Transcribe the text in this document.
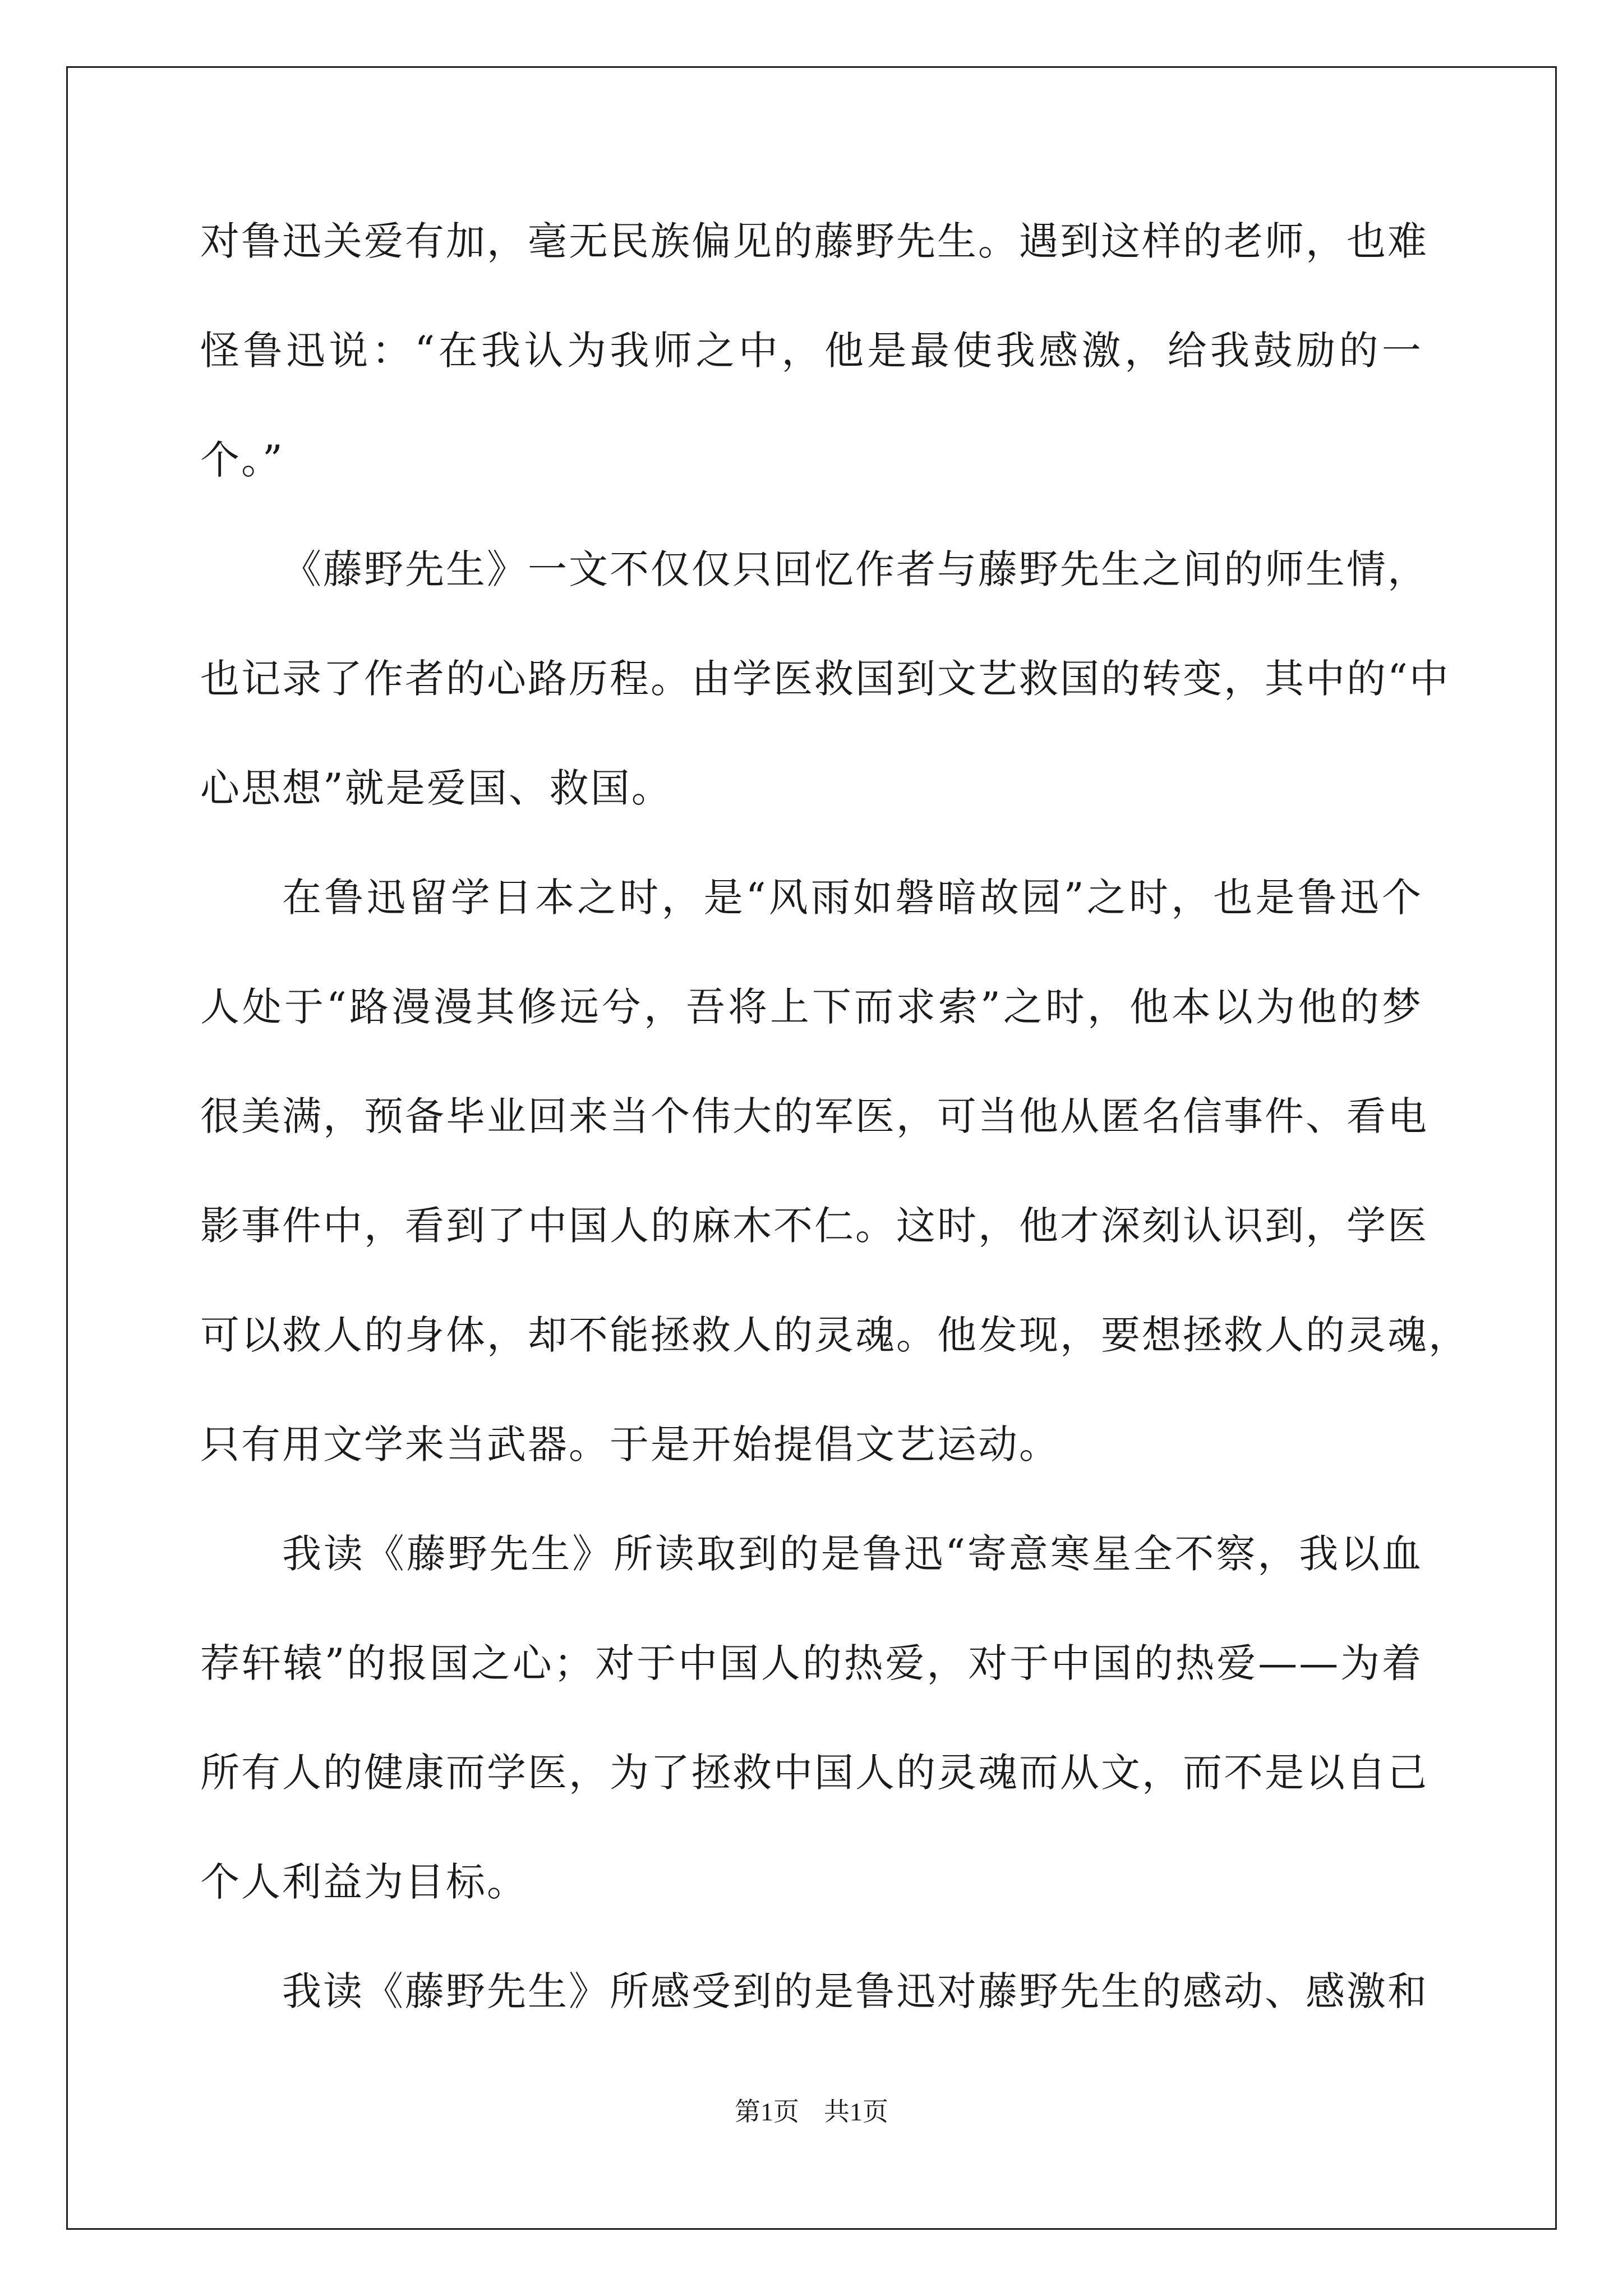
对鲁迅关爱有加，毫无民族偏见的藤野先生。遇到这样的老师，也难
怪鲁迅说：“在我认为我师之中，他是最使我感激，给我鼓励的一
个。”
《藤野先生》一文不仅仅只回忆作者与藤野先生之间的师生情，
也记录了作者的心路历程。由学医救国到文艺救国的转变，其中的“中
心思想”就是爱国、救国。
在鲁迅留学日本之时，是“风雨如磐暗故园”之时，也是鲁迅个
人处于“路漫漫其修远兮，吾将上下而求索”之时，他本以为他的梦
很美满，预备毕业回来当个伟大的军医，可当他从匿名信事件、看电
影事件中，看到了中国人的麻木不仁。这时，他才深刻认识到，学医
可以救人的身体，却不能拯救人的灵魂。他发现，要想拯救人的灵魂，
只有用文学来当武器。于是开始提倡文艺运动。
我读《藤野先生》所读取到的是鲁迅“寄意寒星全不察，我以血
荐轩辕”的报国之心；对于中国人的热爱，对于中国的热爱——为着
所有人的健康而学医，为了拯救中国人的灵魂而从文，而不是以自己
个人利益为目标。
我读《藤野先生》所感受到的是鲁迅对藤野先生的感动、感激和
第1页 共1页
